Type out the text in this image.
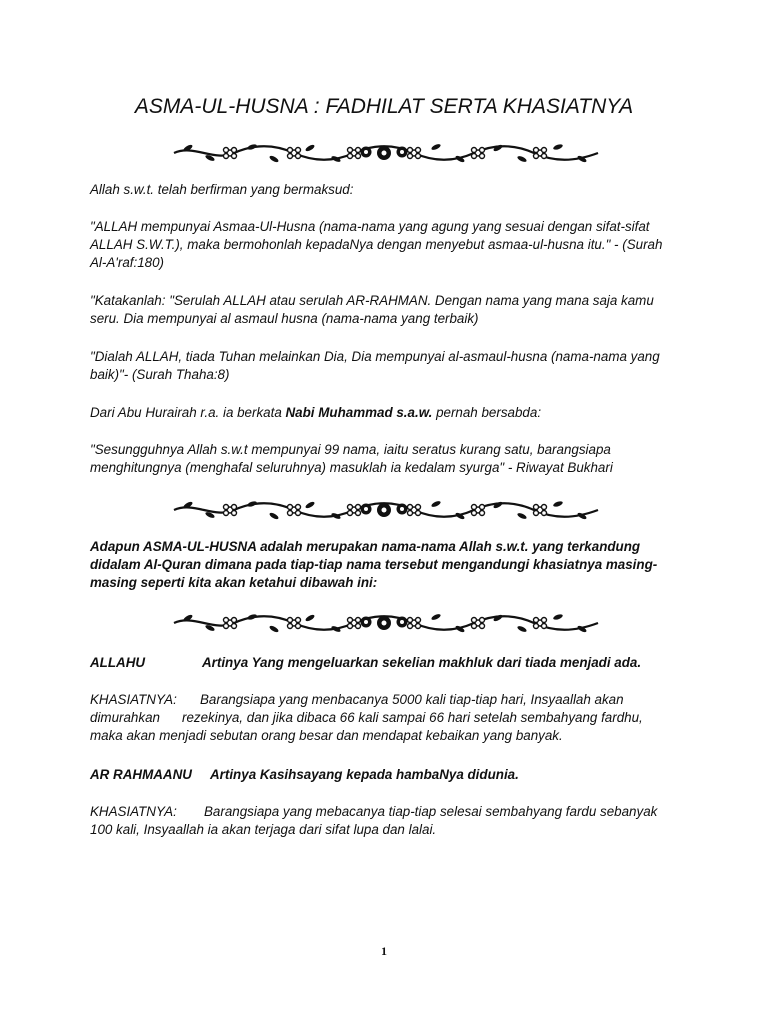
ASMA-UL-HUSNA : FADHILAT SERTA KHASIATNYA
Allah s.w.t. telah berfirman yang bermaksud:
"ALLAH mempunyai Asmaa-Ul-Husna (nama-nama yang agung yang sesuai dengan sifat-sifat
ALLAH S.W.T.), maka bermohonlah kepadaNya dengan menyebut asmaa-ul-husna itu." - (Surah
Al-A'raf:180)
"Katakanlah: "Serulah ALLAH atau serulah AR-RAHMAN. Dengan nama yang mana saja kamu
seru. Dia mempunyai al asmaul husna (nama-nama yang terbaik)
"Dialah ALLAH, tiada Tuhan melainkan Dia, Dia mempunyai al-asmaul-husna (nama-nama yang
baik)"- (Surah Thaha:8)
Dari Abu Hurairah r.a. ia berkata Nabi Muhammad s.a.w. pernah bersabda:
"Sesungguhnya Allah s.w.t mempunyai 99 nama, iaitu seratus kurang satu, barangsiapa
menghitungnya (menghafal seluruhnya) masuklah ia kedalam syurga" - Riwayat Bukhari
Adapun ASMA-UL-HUSNA adalah merupakan nama-nama Allah s.w.t. yang terkandung
didalam Al-Quran dimana pada tiap-tiap nama tersebut mengandungi khasiatnya masing-
masing seperti kita akan ketahui dibawah ini:
ALLAHU	Artinya Yang mengeluarkan sekelian makhluk dari tiada menjadi ada.
KHASIATNYA: Barangsiapa yang menbacanya 5000 kali tiap-tiap hari, Insyaallah akan
dimurahkan rezekinya, dan jika dibaca 66 kali sampai 66 hari setelah sembahyang fardhu,
maka akan menjadi sebutan orang besar dan mendapat kebaikan yang banyak.
AR RAHMAANU Artinya Kasihsayang kepada hambaNya didunia.
KHASIATNYA: Barangsiapa yang mebacanya tiap-tiap selesai sembahyang fardu sebanyak
100 kali, Insyaallah ia akan terjaga dari sifat lupa dan lalai.
1
